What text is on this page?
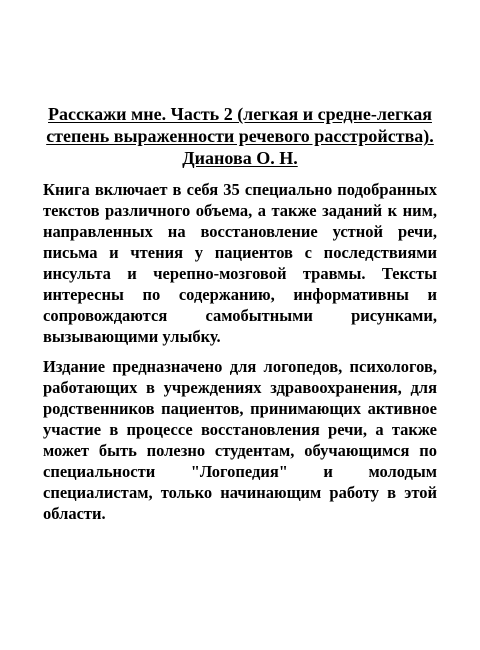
Расскажи мне. Часть 2 (легкая и средне-легкая степень выраженности речевого расстройства). Дианова О. Н.

Книга включает в себя 35 специально подобранных текстов различного объема, а также заданий к ним, направленных на восстановление устной речи, письма и чтения у пациентов с последствиями инсульта и черепно-мозговой травмы. Тексты интересны по содержанию, информативны и сопровождаются самобытными рисунками, вызывающими улыбку.

Издание предназначено для логопедов, психологов, работающих в учреждениях здравоохранения, для родственников пациентов, принимающих активное участие в процессе восстановления речи, а также может быть полезно студентам, обучающимся по специальности "Логопедия" и молодым специалистам, только начинающим работу в этой области.
